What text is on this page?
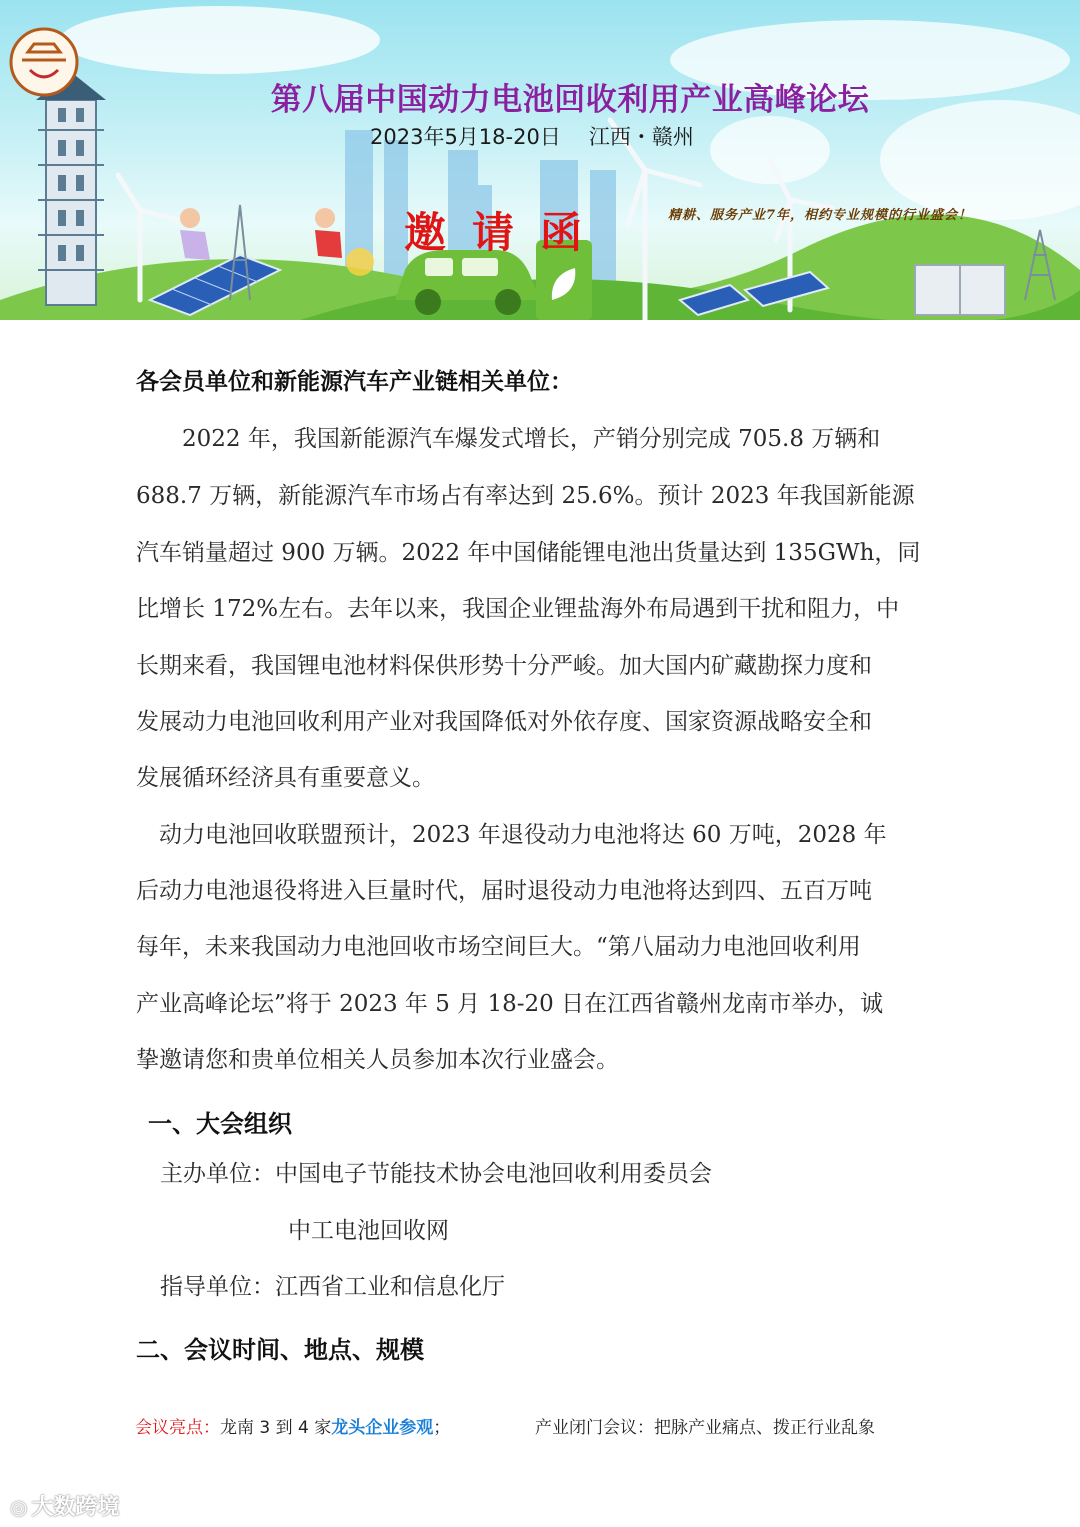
第八届中国动力电池回收利用产业高峰论坛
2023年5月18-20日 江西・赣州
邀请函	精耕、服务产业7年，相约专业规模的行业盛会！
各会员单位和新能源汽车产业链相关单位：
　　2022 年，我国新能源汽车爆发式增长，产销分别完成 705.8 万辆和
688.7 万辆，新能源汽车市场占有率达到 25.6%。预计 2023 年我国新能源
汽车销量超过 900 万辆。2022 年中国储能锂电池出货量达到 135GWh，同
比增长 172%左右。去年以来，我国企业锂盐海外布局遇到干扰和阻力，中
长期来看，我国锂电池材料保供形势十分严峻。加大国内矿藏勘探力度和
发展动力电池回收利用产业对我国降低对外依存度、国家资源战略安全和
发展循环经济具有重要意义。
　动力电池回收联盟预计，2023 年退役动力电池将达 60 万吨，2028 年
后动力电池退役将进入巨量时代，届时退役动力电池将达到四、五百万吨
每年，未来我国动力电池回收市场空间巨大。“第八届动力电池回收利用
产业高峰论坛”将于 2023 年 5 月 18-20 日在江西省赣州龙南市举办，诚
挚邀请您和贵单位相关人员参加本次行业盛会。
一、大会组织
主办单位：中国电子节能技术协会电池回收利用委员会
中工电池回收网
指导单位：江西省工业和信息化厅
二、会议时间、地点、规模
会议亮点：龙南 3 到 4 家龙头企业参观；	产业闭门会议：把脉产业痛点、拨正行业乱象
◎ 大数跨境
